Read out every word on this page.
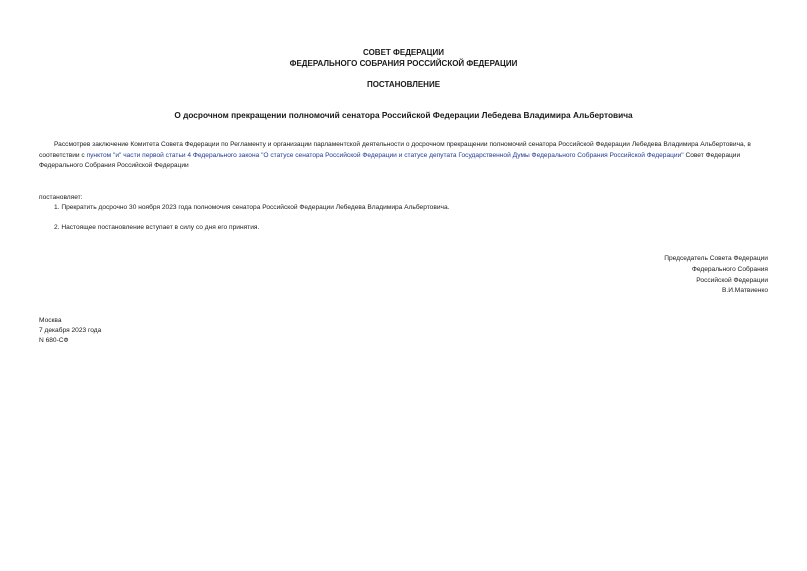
СОВЕТ ФЕДЕРАЦИИ
ФЕДЕРАЛЬНОГО СОБРАНИЯ РОССИЙСКОЙ ФЕДЕРАЦИИ
ПОСТАНОВЛЕНИЕ
О досрочном прекращении полномочий сенатора Российской Федерации Лебедева Владимира Альбертовича
Рассмотрев заключение Комитета Совета Федерации по Регламенту и организации парламентской деятельности о досрочном прекращении полномочий сенатора Российской Федерации Лебедева Владимира Альбертовича, в соответствии с пунктом "и" части первой статьи 4 Федерального закона "О статусе сенатора Российской Федерации и статусе депутата Государственной Думы Федерального Собрания Российской Федерации" Совет Федерации Федерального Собрания Российской Федерации
постановляет:
1. Прекратить досрочно 30 ноября 2023 года полномочия сенатора Российской Федерации Лебедева Владимира Альбертовича.
2. Настоящее постановление вступает в силу со дня его принятия.
Председатель Совета Федерации
Федерального Собрания
Российской Федерации
В.И.Матвиенко
Москва
7 декабря 2023 года
N 680-СФ
